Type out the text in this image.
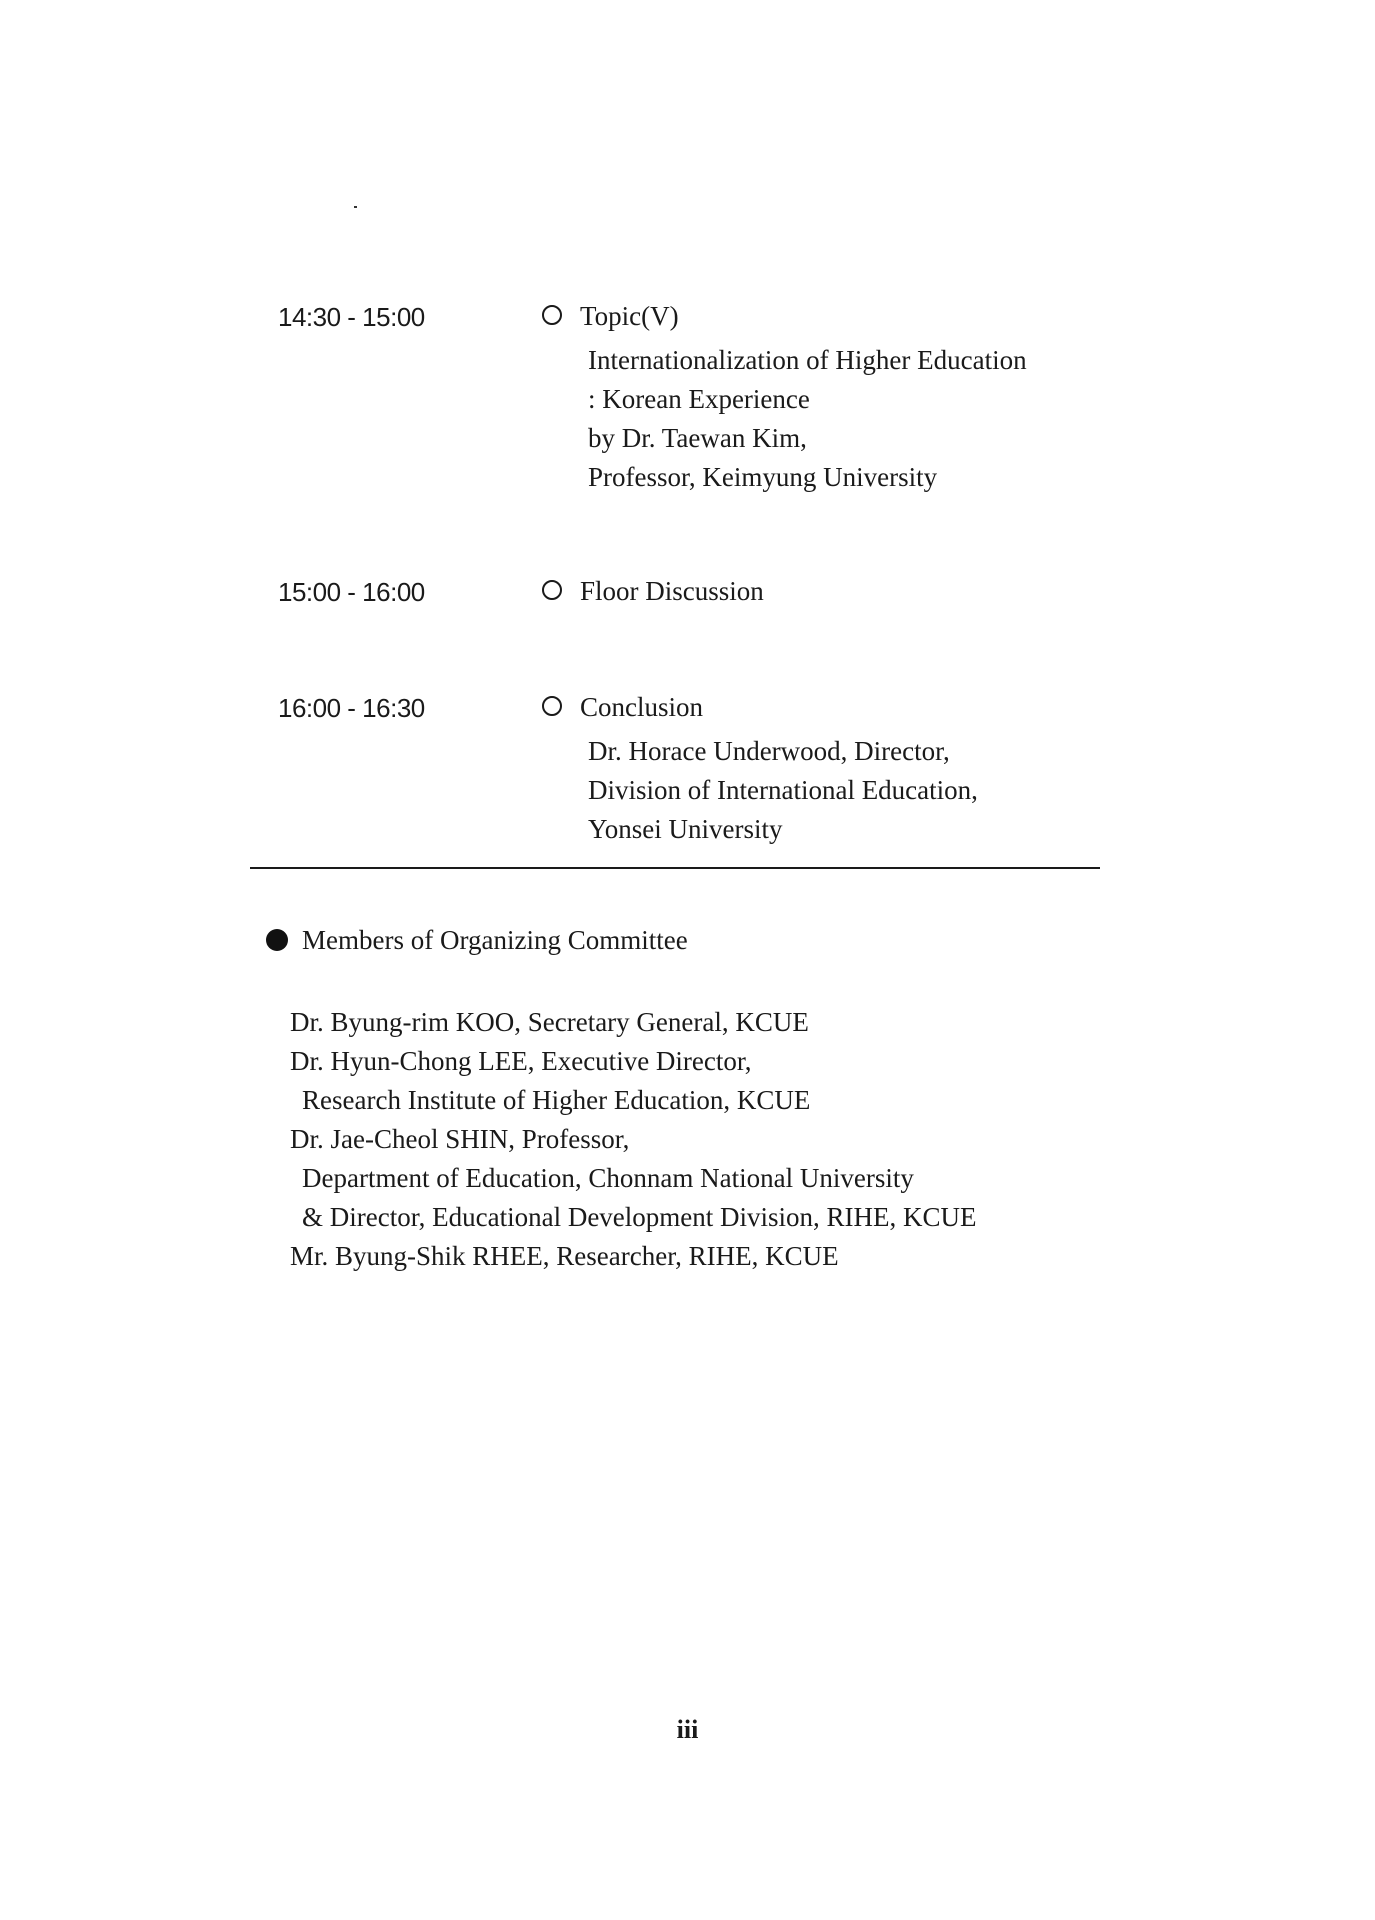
14:30 - 15:00	Topic(V)
Internationalization of Higher Education
: Korean Experience
by Dr. Taewan Kim,
Professor, Keimyung University
15:00 - 16:00	Floor Discussion
16:00 - 16:30	Conclusion
Dr. Horace Underwood, Director,
Division of International Education,
Yonsei University
Members of Organizing Committee
Dr. Byung-rim KOO, Secretary General, KCUE
Dr. Hyun-Chong LEE, Executive Director,
Research Institute of Higher Education, KCUE
Dr. Jae-Cheol SHIN, Professor,
Department of Education, Chonnam National University
& Director, Educational Development Division, RIHE, KCUE
Mr. Byung-Shik RHEE, Researcher, RIHE, KCUE
iii
